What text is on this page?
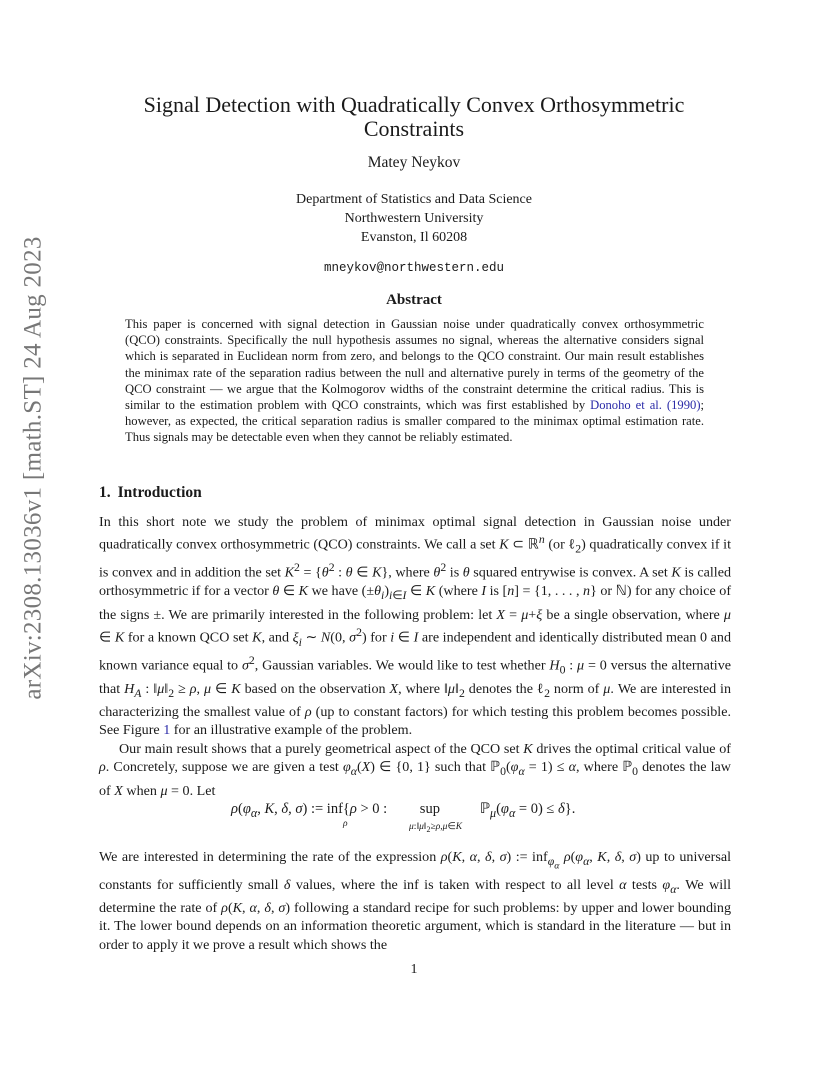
arXiv:2308.13036v1 [math.ST] 24 Aug 2023
Signal Detection with Quadratically Convex Orthosymmetric Constraints
Matey Neykov
Department of Statistics and Data Science
Northwestern University
Evanston, Il 60208
mneykov@northwestern.edu
Abstract
This paper is concerned with signal detection in Gaussian noise under quadratically convex orthosymmetric (QCO) constraints. Specifically the null hypothesis assumes no signal, whereas the alternative considers signal which is separated in Euclidean norm from zero, and belongs to the QCO constraint. Our main result establishes the minimax rate of the separation radius between the null and alternative purely in terms of the geometry of the QCO constraint — we argue that the Kolmogorov widths of the constraint determine the critical radius. This is similar to the estimation problem with QCO constraints, which was first established by Donoho et al. (1990); however, as expected, the critical separation radius is smaller compared to the minimax optimal estimation rate. Thus signals may be detectable even when they cannot be reliably estimated.
1. Introduction

In this short note we study the problem of minimax optimal signal detection in Gaussian noise under quadratically convex orthosymmetric (QCO) constraints. We call a set K ⊂ ℝ$^n$ (or ℓ$_2$) quadratically convex if it is convex and in addition the set $K^2 = \{\theta^2$ : θ ∈ K}, where $\theta^2$ is θ squared entrywise is convex. A set K is called orthosymmetric if for a vector θ ∈ K we have $(\pm\theta_i)_{i\in I}$ ∈ K (where I is [n] = {1, . . . , n} or ℕ) for any choice of the signs ±. We are primarily interested in the following problem: let X = μ+ξ be a single observation, where μ ∈ K for a known QCO set K, and $\xi_i$ ∼ N(0, $\sigma^2$) for i ∈ I are independent and identically distributed mean 0 and known variance equal to $\sigma^2$, Gaussian variables. We would like to test whether $H_0$ : μ = 0 versus the alternative that $H_A$ : $‖\mu‖_2 \ge \rho$, μ ∈ K based on the observation X, where $‖\mu‖_2$ denotes the ℓ$_2$ norm of μ. We are interested in characterizing the smallest value of ρ (up to constant factors) for which testing this problem becomes possible. See Figure 1 for an illustrative example of the problem.

Our main result shows that a purely geometrical aspect of the QCO set K drives the optimal critical value of ρ. Concretely, suppose we are given a test $\varphi_\alpha(X)$ ∈ {0, 1} such that $ℙ_0(\varphi_\alpha = 1) \le \alpha$, where ℙ$_0$ denotes the law of X when μ = 0. Let

$\rho(\varphi_\alpha$, K, δ, σ) := inf{ρ > 0 :         sup           $ℙ_\mu(\varphi_\alpha = 0) \le \delta$}.
ρ	$\mu:‖\mu‖_2\ge\rho,\mu\in K$

We are interested in determining the rate of the expression ρ(K, α, δ, σ) := inf$_{\varphi_\alpha}$ $\rho(\varphi_\alpha$, K, δ, σ) up to universal constants for sufficiently small δ values, where the inf is taken with respect to all level α tests $\varphi_\alpha$. We will determine the rate of ρ(K, α, δ, σ) following a standard recipe for such problems: by upper and lower bounding it. The lower bound depends on an information theoretic argument, which is standard in the literature — but in order to apply it we prove a result which shows the

1
